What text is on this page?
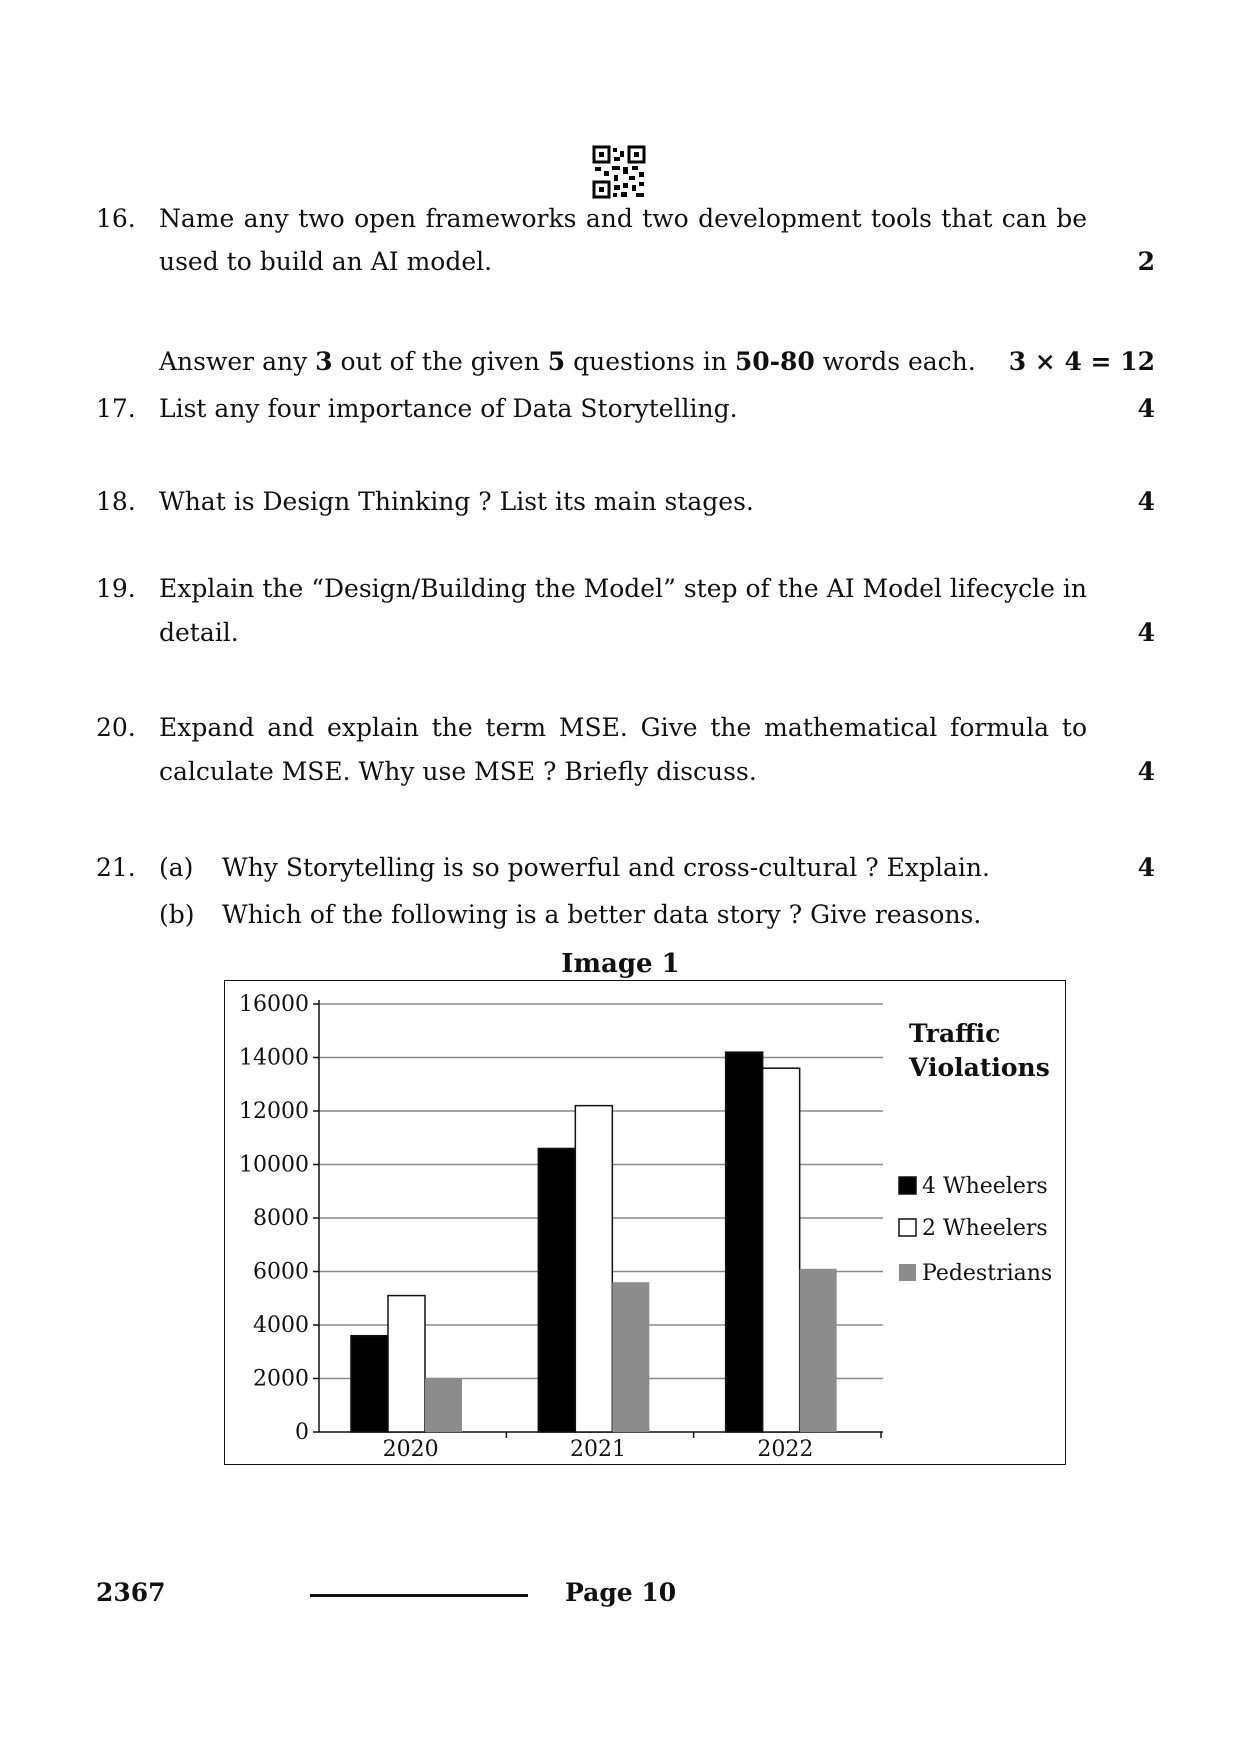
16. Name any two open frameworks and two development tools that can be
used to build an AI model.	2
Answer any 3 out of the given 5 questions in 50-80 words each. 3 × 4 = 12
17. List any four importance of Data Storytelling.	4
18. What is Design Thinking ? List its main stages.	4
19. Explain the “Design/Building the Model” step of the AI Model lifecycle in
detail.	4
20. Expand and explain the term MSE. Give the mathematical formula to
calculate MSE. Why use MSE ? Briefly discuss.	4
21. (a) Why Storytelling is so powerful and cross-cultural ? Explain.	4
(b) Which of the following is a better data story ? Give reasons.
Image 1
0
2000
4000
6000
8000
10000
12000
14000
16000
2020	2021	2022
Traffic
Violations
4 Wheelers
2 Wheelers
Pedestrians
2367	Page 10
